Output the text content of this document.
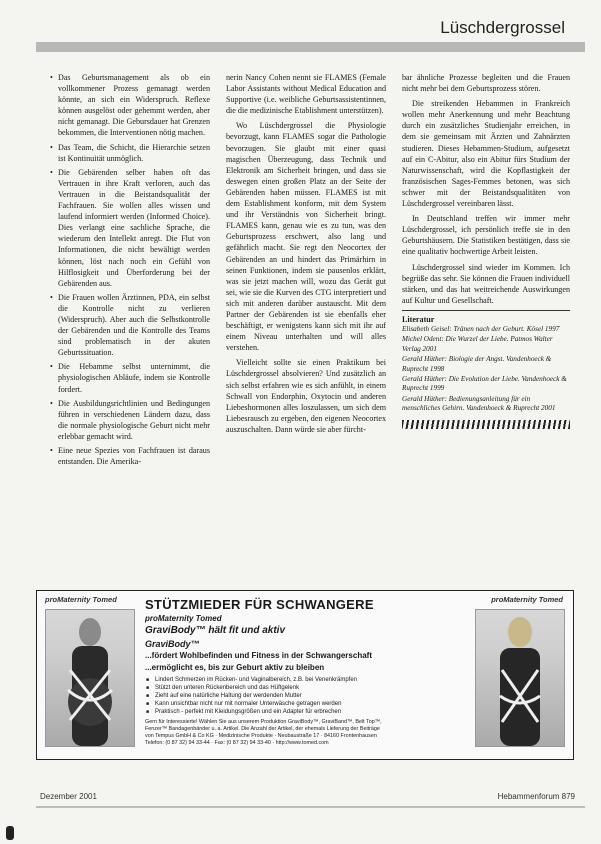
Lüschdergrossel
• Das Geburtsmanagement als ob ein vollkommener Prozess gemanagt werden könnte, an sich ein Widerspruch. Reflexe können ausgelöst oder gehemmt werden, aber nicht gemanagt. Die Gebursdauer hat Grenzen bekommen, die Interventionen nötig machen.
• Das Team, die Schicht, die Hierarchie setzen ist Kontinuität unmöglich.
• Die Gebärenden selber haben oft das Vertrauen in ihre Kraft verloren, auch das Vertrauen in die Beistandsqualität der Fachfrauen. Sie wollen alles wissen und laufend informiert werden (Informed Choice). Dies verlangt eine sachliche Sprache, die wiederum den Intellekt anregt. Die Flut von Informationen, die nicht bewältigt werden können, löst nach noch ein Gefühl von Hilflosigkeit und Überforderung bei der Gebärenden aus.
• Die Frauen wollen Ärztinnen, PDA, ein selbst die Kontrolle nicht zu verlieren (Widerspruch). Aber auch die Selbstkontrolle der Gebärenden und die Kontrolle des Teams sind problematisch in der akuten Geburtssituation.
• Die Hebamme selbst unternimmt, die physiologischen Abläufe, indem sie Kontrolle fordert.
• Die Ausbildungsrichtlinien und Bedingungen führen in verschiedenen Ländern dazu, dass die normale physiologische Geburt nicht mehr erlebbar gemacht wird.
• Eine neue Spezies von Fachfrauen ist daraus entstanden. Die Amerika-

nerin Nancy Cohen nennt sie FLAMES (Female Labor Assistants without Medical Education and Supportive (i.e. weibliche Geburtsassistentinnen, die die medizinische Etablishment unterstützen).

Wo Lüschdergrossel die Physiologie bevorzugt, kann FLAMES sogar die Pathologie bevorzugen. Sie glaubt mit einer quasi magischen Überzeugung, dass Technik und Elektronik am Sicherheit bringen, und dass sie deswegen einen großen Platz an der Seite der Gebärenden haben müssen. FLAMES ist mit dem Establishment konform, mit dem System und ihr Verständnis von Sicherheit bringt. FLAMES kann, genau wie es zu tun, was den Geburtsprozess erschwert, also lang und gefährlich macht. Sie regt den Neocortex der Gebärenden an und hindert das Primärhirn in seinen Funktionen, indem sie pausenlos erklärt, was sie jetzt machen will, wozu das Gerät gut sei, wie sie die Kurven des CTG interpretiert und sich mit anderen darüber austauscht. Mit dem Partner der Gebärenden ist sie ebenfalls eher beschäftigt, er wenigstens kann sich mit ihr auf einem Niveau unterhalten und will alles verstehen.

Vielleicht sollte sie einen Praktikum bei Lüschdergrossel absolvieren? Und zusätzlich an sich selbst erfahren wie es sich anfühlt, in einem Schwall von Endorphin, Oxytocin und anderen Liebeshormonen alles loszulassen, um sich dem Liebesrausch zu ergeben, den eigenen Neocortex auszuschalten. Dann würde sie aber fürcht-

bar ähnliche Prozesse begleiten und die Frauen nicht mehr bei dem Geburtsprozess stören.

Die streikenden Hebammen in Frankreich wollen mehr Anerkennung und mehr Beachtung durch ein zusätzliches Studienjahr erreichen, in dem sie gemeinsam mit Ärzten und Zahnärzten studieren. Dieses Hebammen-Studium, aufgesetzt auf ein C-Abitur, also ein Abitur fürs Studium der Naturwissenschaft, wird die Kopflastigkeit der französischen Sages-Femmes betonen, was sich schwer mit der Beistandsqualitäten von Lüschdergrossel vereinbaren lässt.

In Deutschland treffen wir immer mehr Lüschdergrossel, ich persönlich treffe sie in den Geburtshäusern. Die Statistiken bestätigen, dass sie eine qualitativ hochwertige Arbeit leisten.

Lüschdergrossel sind wieder im Kommen. Ich begrüße das sehr. Sie können die Frauen individuell stärken, und das hat weitreichende Auswirkungen auf Kultur und Gesellschaft.

Literatur
Elisabeth Geisel: Tränen nach der Geburt. Kösel 1997
Michel Odent: Die Wurzel der Liebe. Patmos Walter Verlag 2001
Gerald Hüther: Biologie der Angst. Vandenhoeck & Ruprecht 1998
Gerald Hüther: Die Evolution der Liebe. Vandenhoeck & Ruprecht 1999
Gerald Hüther: Bedienungsanleitung für ein menschliches Gehirn. Vandenhoeck & Ruprecht 2001
proMaternity Tomed	proMaternity Tomed
STÜTZMIEDER FÜR SCHWANGERE
proMaternity Tomed
GraviBody™ hält fit und aktiv
GraviBody™
...fördert Wohlbefinden und Fitness in der Schwangerschaft
...ermöglicht es, bis zur Geburt aktiv zu bleiben
■ Lindert Schmerzen im Rücken- und Vaginalbereich, z.B. bei Venenkrämpfen
■ Stützt den unteren Rückenbereich und das Hüftgelenk
■ Zieht auf eine natürliche Haltung der werdenden Mutter
■ Kann unsichtbar nicht nur mit normaler Unterwäsche getragen werden
■ Praktisch - perfekt mit Kleidungsgrößen und ein Adapter für erbrechen
Gern für Interessierte! Wählen Sie aus unserem Produktion GraviBody™, GraviBand™, Belt Top™,
Fenzer™ Bandagenbänder u. a. Artikel. Die Anzahl der Artikel, der ehemals Lieferung der Beiträge
von Tempus GmbH & Co KG · Medizinische Produkte · Neubaustraße 17 · 84160 Frontenhausen
Telefon: (0 87 32) 94 33-44 · Fax: (0 87 32) 94 33-40 · http://www.tomed.com
Dezember 2001	Hebammenforum 879
